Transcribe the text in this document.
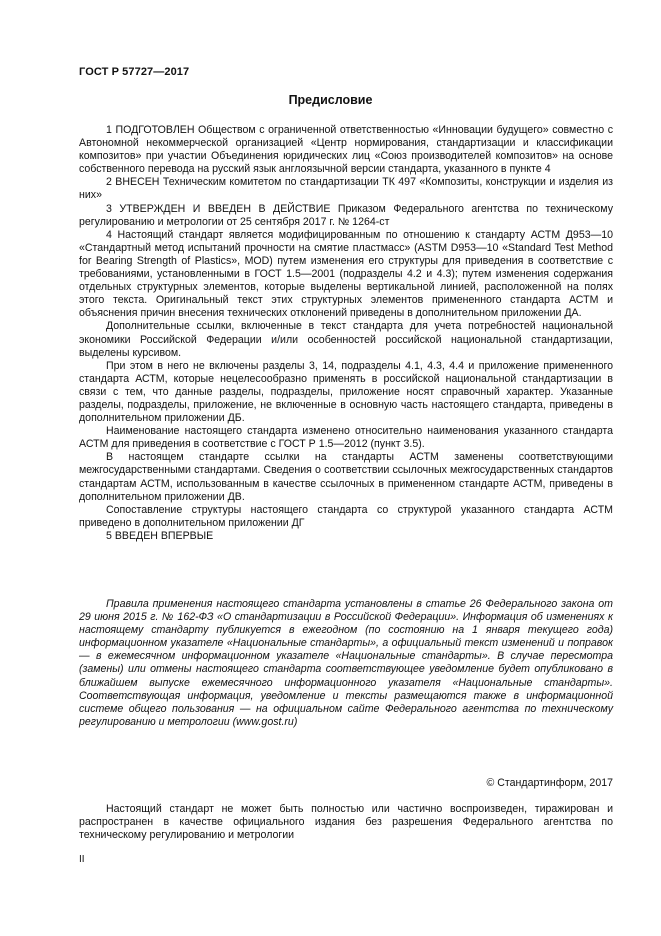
ГОСТ Р 57727—2017
Предисловие

1 ПОДГОТОВЛЕН Обществом с ограниченной ответственностью «Инновации будущего» совместно с Автономной некоммерческой организацией «Центр нормирования, стандартизации и классификации композитов» при участии Объединения юридических лиц «Союз производителей композитов» на основе собственного перевода на русский язык англоязычной версии стандарта, указанного в пункте 4

2 ВНЕСЕН Техническим комитетом по стандартизации ТК 497 «Композиты, конструкции и изделия из них»

3 УТВЕРЖДЕН И ВВЕДЕН В ДЕЙСТВИЕ Приказом Федерального агентства по техническому регулированию и метрологии от 25 сентября 2017 г. № 1264-ст

4 Настоящий стандарт является модифицированным по отношению к стандарту АСТМ Д953—10 «Стандартный метод испытаний прочности на смятие пластмасс» (ASTM D953—10 «Standard Test Method for Bearing Strength of Plastics», MOD) путем изменения его структуры для приведения в соответствие с требованиями, установленными в ГОСТ 1.5—2001 (подразделы 4.2 и 4.3); путем изменения содержания отдельных структурных элементов, которые выделены вертикальной линией, расположенной на полях этого текста. Оригинальный текст этих структурных элементов примененного стандарта АСТМ и объяснения причин внесения технических отклонений приведены в дополнительном приложении ДА.

Дополнительные ссылки, включенные в текст стандарта для учета потребностей национальной экономики Российской Федерации и/или особенностей российской национальной стандартизации, выделены курсивом.

При этом в него не включены разделы 3, 14, подразделы 4.1, 4.3, 4.4 и приложение примененного стандарта АСТМ, которые нецелесообразно применять в российской национальной стандартизации в связи с тем, что данные разделы, подразделы, приложение носят справочный характер. Указанные разделы, подразделы, приложение, не включенные в основную часть настоящего стандарта, приведены в дополнительном приложении ДБ.

Наименование настоящего стандарта изменено относительно наименования указанного стандарта АСТМ для приведения в соответствие с ГОСТ Р 1.5—2012 (пункт 3.5).

В настоящем стандарте ссылки на стандарты АСТМ заменены соответствующими межгосударственными стандартами. Сведения о соответствии ссылочных межгосударственных стандартов стандартам АСТМ, использованным в качестве ссылочных в примененном стандарте АСТМ, приведены в дополнительном приложении ДВ.

Сопоставление структуры настоящего стандарта со структурой указанного стандарта АСТМ приведено в дополнительном приложении ДГ

5 ВВЕДЕН ВПЕРВЫЕ

Правила применения настоящего стандарта установлены в статье 26 Федерального закона от 29 июня 2015 г. № 162-ФЗ «О стандартизации в Российской Федерации». Информация об изменениях к настоящему стандарту публикуется в ежегодном (по состоянию на 1 января текущего года) информационном указателе «Национальные стандарты», а официальный текст изменений и поправок — в ежемесячном информационном указателе «Национальные стандарты». В случае пересмотра (замены) или отмены настоящего стандарта соответствующее уведомление будет опубликовано в ближайшем выпуске ежемесячного информационного указателя «Национальные стандарты». Соответствующая информация, уведомление и тексты размещаются также в информационной системе общего пользования — на официальном сайте Федерального агентства по техническому регулированию и метрологии (www.gost.ru)

© Стандартинформ, 2017

Настоящий стандарт не может быть полностью или частично воспроизведен, тиражирован и распространен в качестве официального издания без разрешения Федерального агентства по техническому регулированию и метрологии

II
